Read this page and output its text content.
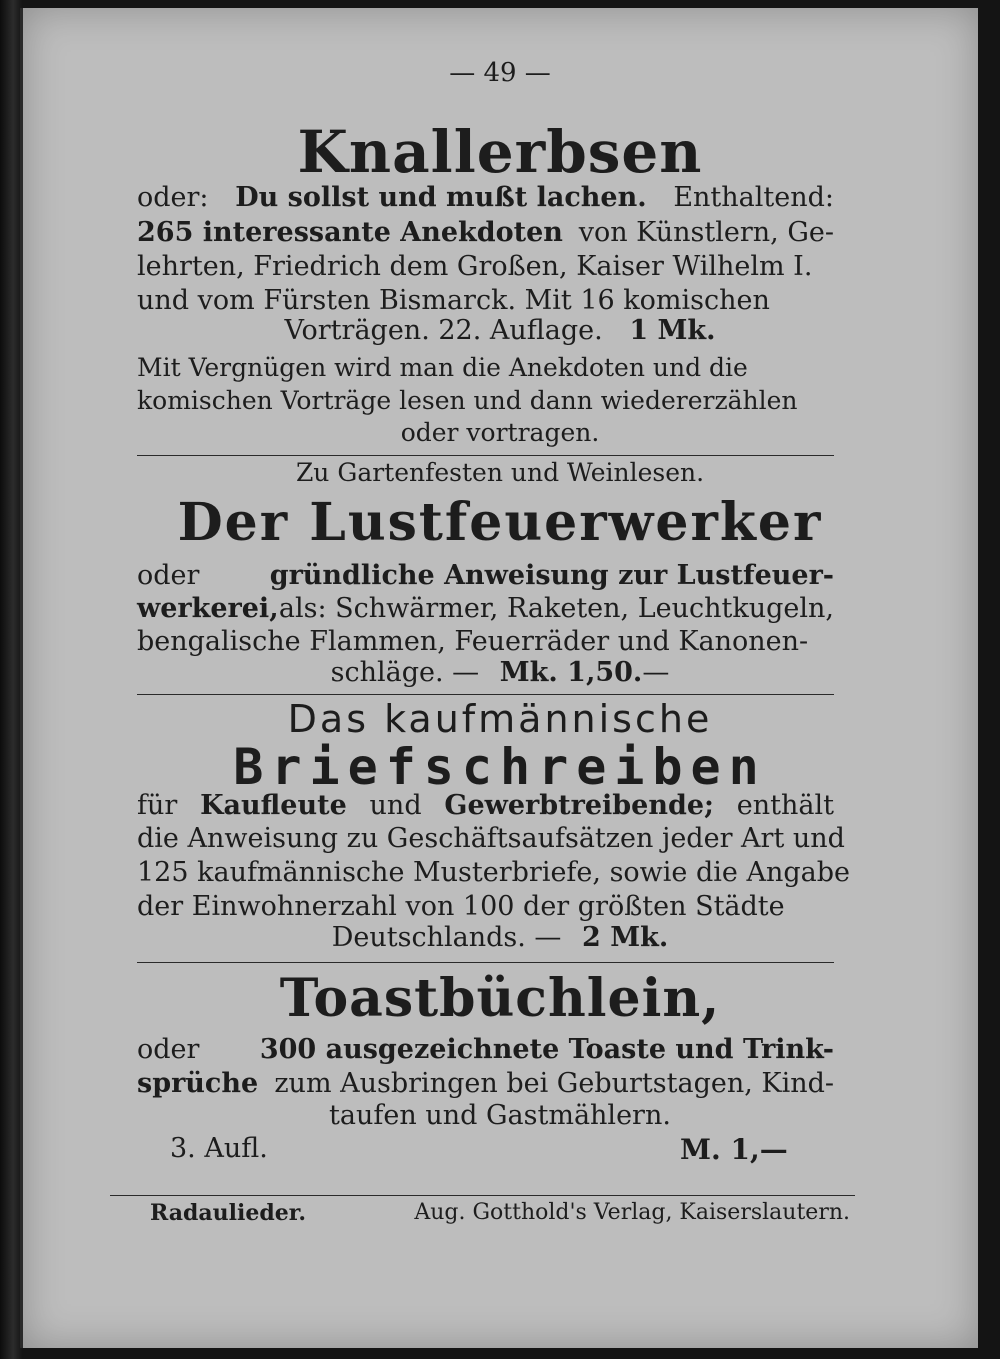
— 49 —
Knallerbsen
oder: Du sollst und mußt lachen. Enthaltend:
265 interessante Anekdoten von Künstlern, Ge-
lehrten, Friedrich dem Großen, Kaiser Wilhelm I.
und vom Fürsten Bismarck. Mit 16 komischen
Vorträgen. 22. Auflage. 1 Mk.
Mit Vergnügen wird man die Anekdoten und die
komischen Vorträge lesen und dann wiedererzählen
oder vortragen.
Zu Gartenfesten und Weinlesen.
Der Lustfeuerwerker
oder	gründliche Anweisung zur Lustfeuer-
werkerei, als: Schwärmer, Raketen, Leuchtkugeln,
bengalische Flammen, Feuerräder und Kanonen-
schläge. — Mk. 1,50.—
Das kaufmännische
Briefschreiben
für Kaufleute und Gewerbtreibende; enthält
die Anweisung zu Geschäftsaufsätzen jeder Art und
125 kaufmännische Musterbriefe, sowie die Angabe
der Einwohnerzahl von 100 der größten Städte
Deutschlands. — 2 Mk.
Toastbüchlein,
oder 300 ausgezeichnete Toaste und Trink-
sprüche zum Ausbringen bei Geburtstagen, Kind-
taufen und Gastmählern.
3. Aufl.	M. 1,—
Radaulieder.	Aug. Gotthold's Verlag, Kaiserslautern.
